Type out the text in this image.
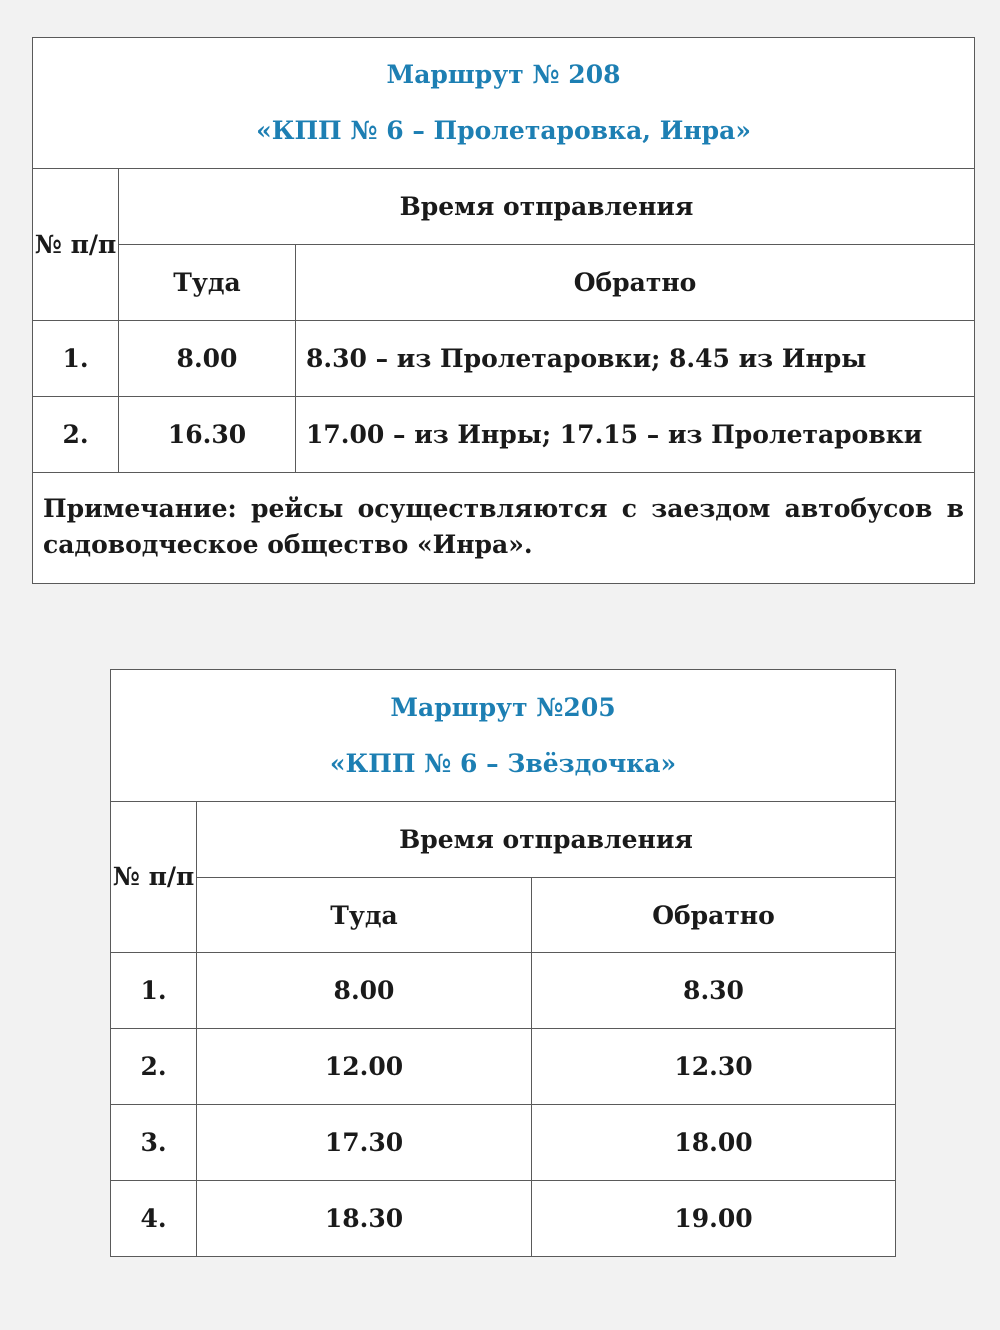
Маршрут № 208
«КПП № 6 – Пролетаровка, Инра»		

№ п/п	Время отправления	
	Туда	Обратно
1.	8.00	8.30 – из Пролетаровки; 8.45 из Инры
2.	16.30	17.00 – из Инры; 17.15 – из Пролетаровки
Примечание: рейсы осуществляются с заездом автобусов в садоводческое общество «Инра».		
Маршрут №205
«КПП № 6 – Звёздочка»		

№ п/п	Время отправления	
	Туда	Обратно
1.	8.00	8.30
2.	12.00	12.30
3.	17.30	18.00
4.	18.30	19.00
